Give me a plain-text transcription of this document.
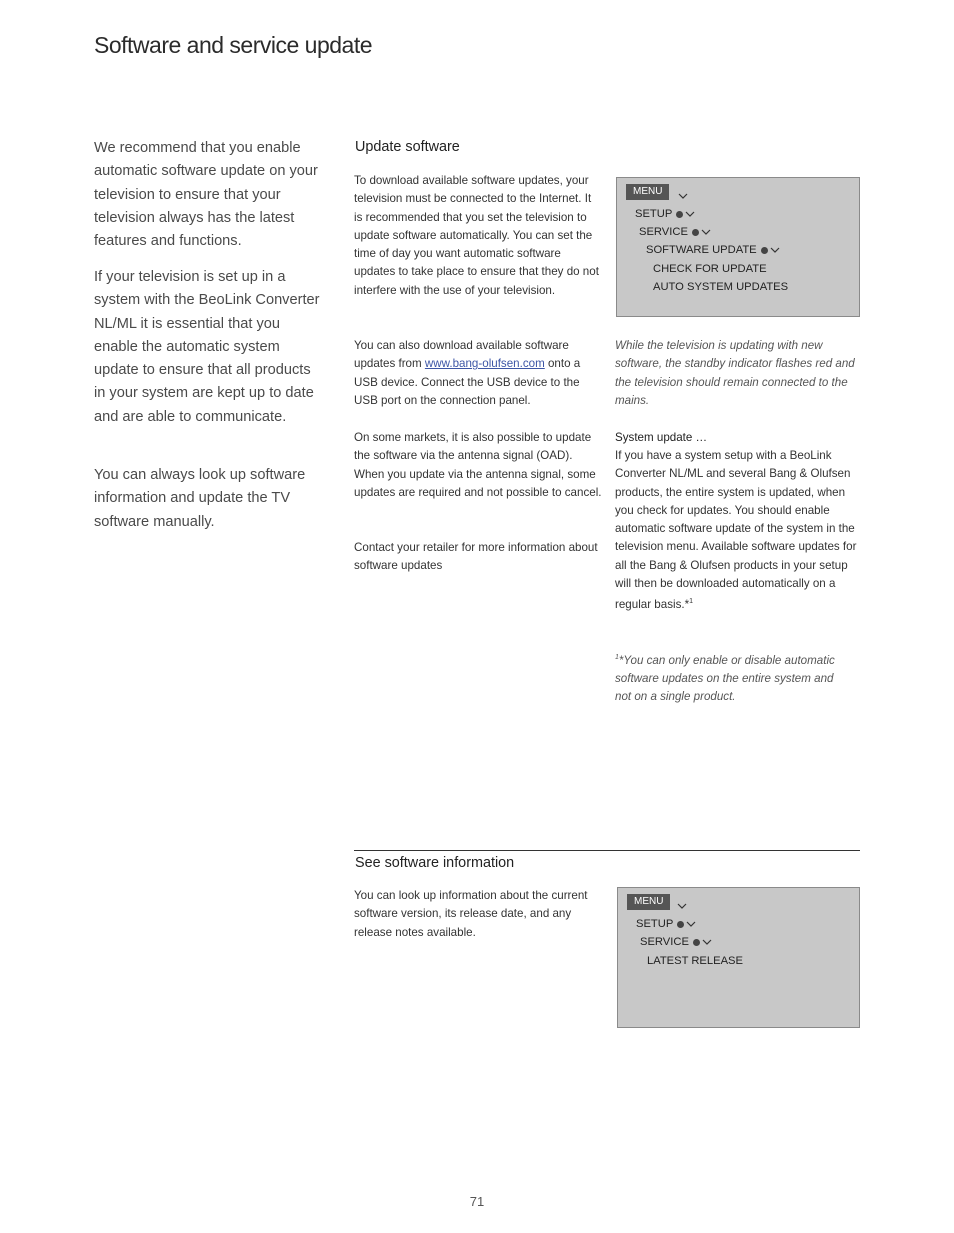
Software and service update

We recommend that you enable automatic software update on your television to ensure that your television always has the latest features and functions.

If your television is set up in a system with the BeoLink Converter NL/ML it is essential that you enable the automatic system update to ensure that all products in your system are kept up to date and are able to communicate.

You can always look up software information and update the TV software manually.

Update software

To download available software updates, your television must be connected to the Internet. It is recommended that you set the television to update software automatically. You can set the time of day you want automatic software updates to take place to ensure that they do not interfere with the use of your television.

You can also download available software updates from www.bang-olufsen.com onto a USB device. Connect the USB device to the USB port on the connection panel.

On some markets, it is also possible to update the software via the antenna signal (OAD). When you update via the antenna signal, some updates are required and not possible to cancel.

Contact your retailer for more information about software updates

MENU
SETUP
SERVICE
SOFTWARE UPDATE
CHECK FOR UPDATE
AUTO SYSTEM UPDATES

While the television is updating with new software, the standby indicator flashes red and the television should remain connected to the mains.

System update …

If you have a system setup with a BeoLink Converter NL/ML and several Bang & Olufsen products, the entire system is updated, when you check for updates. You should enable automatic software update of the system in the television menu. Available software updates for all the Bang & Olufsen products in your setup will then be downloaded automatically on a regular basis.*$^1$

$^1$*You can only enable or disable automatic software updates on the entire system and not on a single product.

See software information

You can look up information about the current software version, its release date, and any release notes available.

MENU
SETUP
SERVICE
LATEST RELEASE
71
